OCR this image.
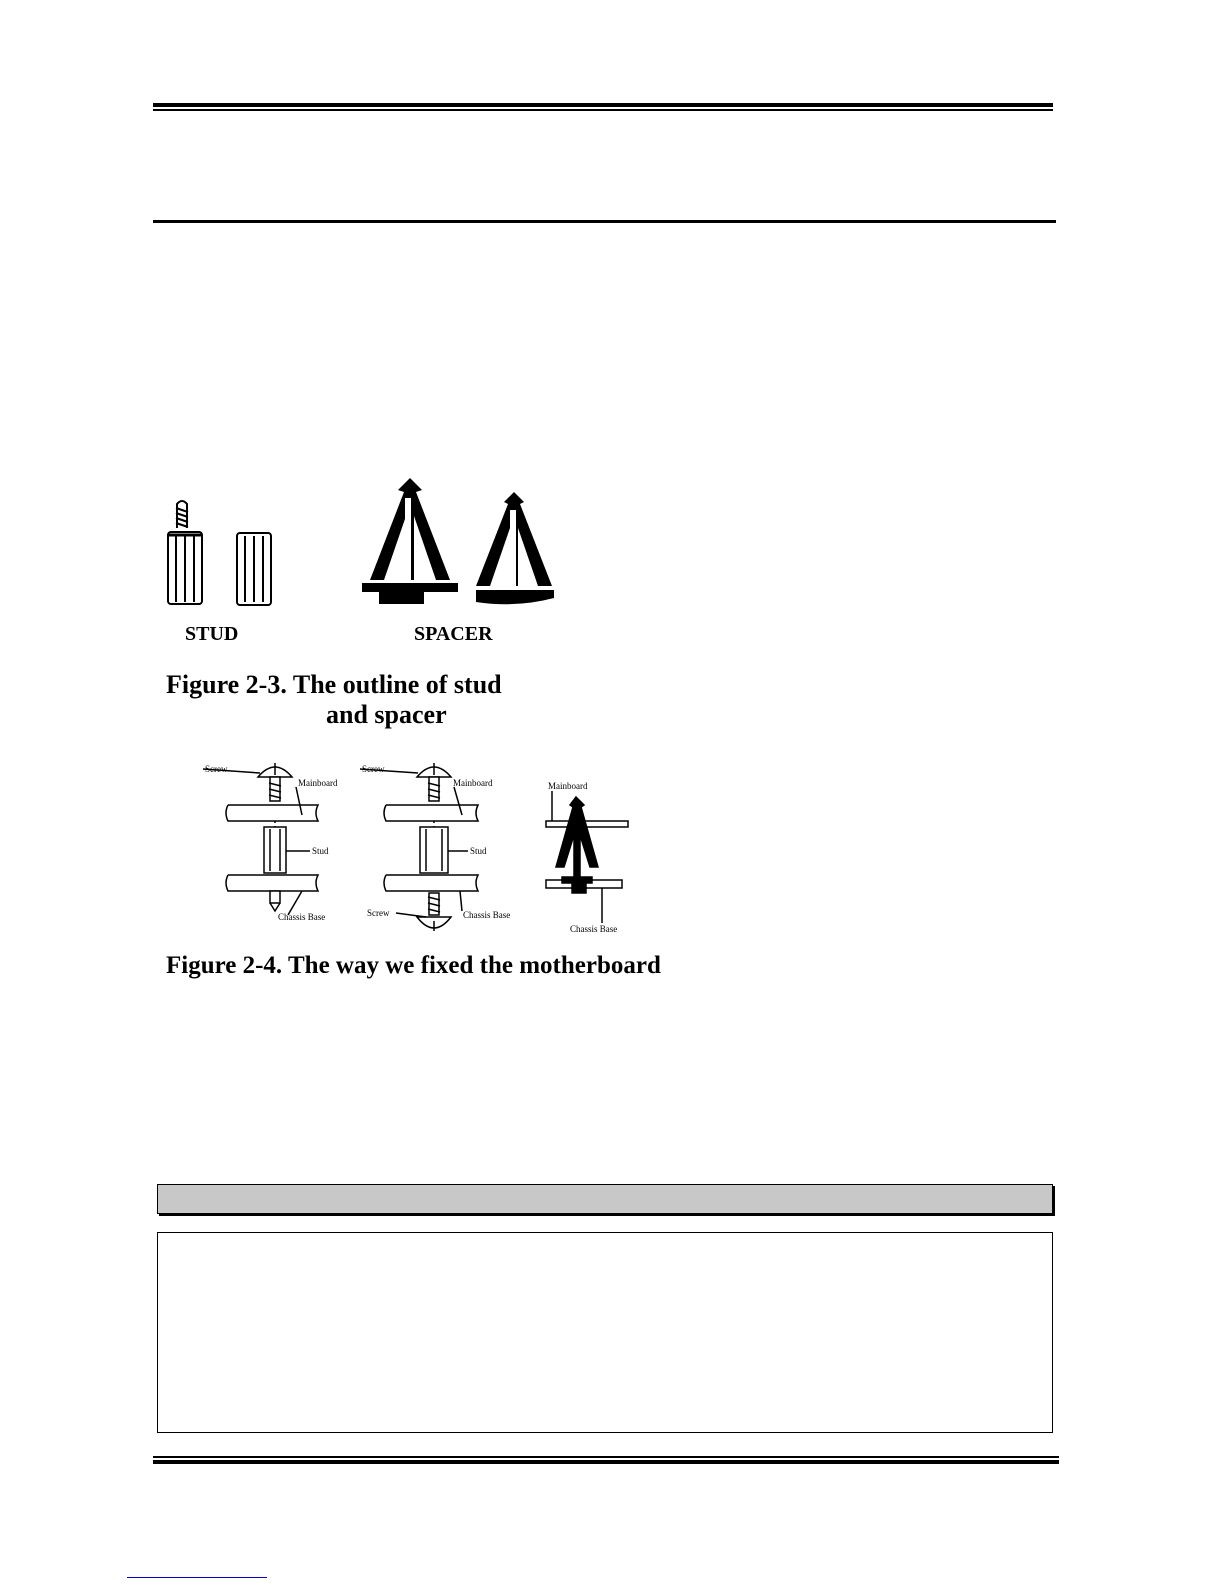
STUD	SPACER
Figure 2-3. The outline of stud
and spacer
Screw
Mainboard
Stud
Chassis Base
Screw
Mainboard
Stud
Chassis Base
Screw
Mainboard
Chassis Base
Figure 2-4. The way we fixed the motherboard
